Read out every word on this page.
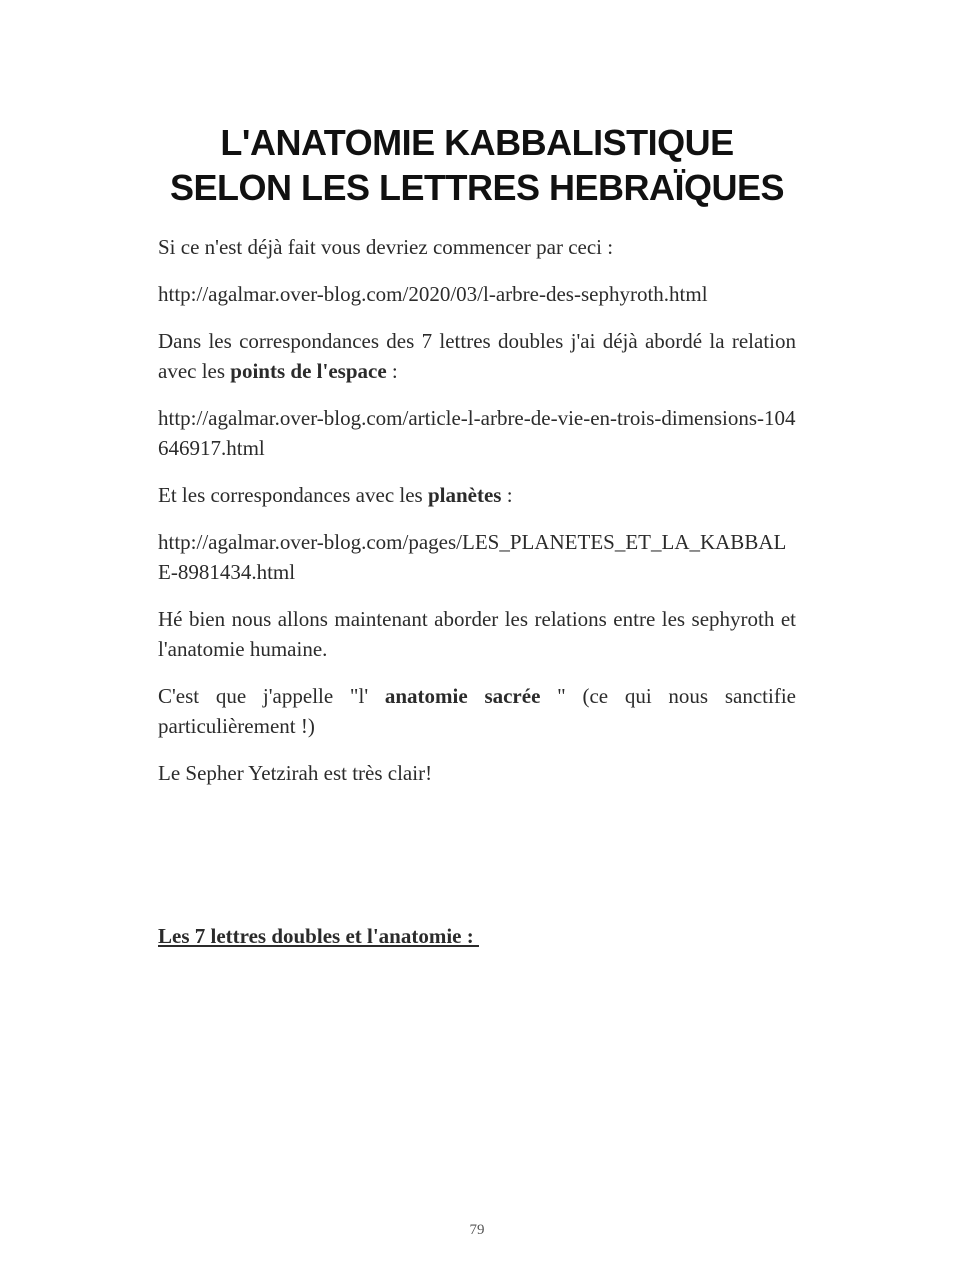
L'ANATOMIE KABBALISTIQUE
SELON LES LETTRES HEBRAÏQUES

Si ce n'est déjà fait vous devriez commencer par ceci :

http://agalmar.over-blog.com/2020/03/l-arbre-des-sephyroth.html

Dans les correspondances des 7 lettres doubles j'ai déjà abordé la relation avec les points de l'espace :

http://agalmar.over-blog.com/article-l-arbre-de-vie-en-trois-dimensions-104646917.html

Et les correspondances avec les planètes :

http://agalmar.over-blog.com/pages/LES_PLANETES_ET_LA_KABBALE-8981434.html

Hé bien nous allons maintenant aborder les relations entre les sephyroth et l'anatomie humaine.

C'est que j'appelle "l' anatomie sacrée " (ce qui nous sanctifie particulièrement !)

Le Sepher Yetzirah est très clair!

Les 7 lettres doubles et l'anatomie :
79
